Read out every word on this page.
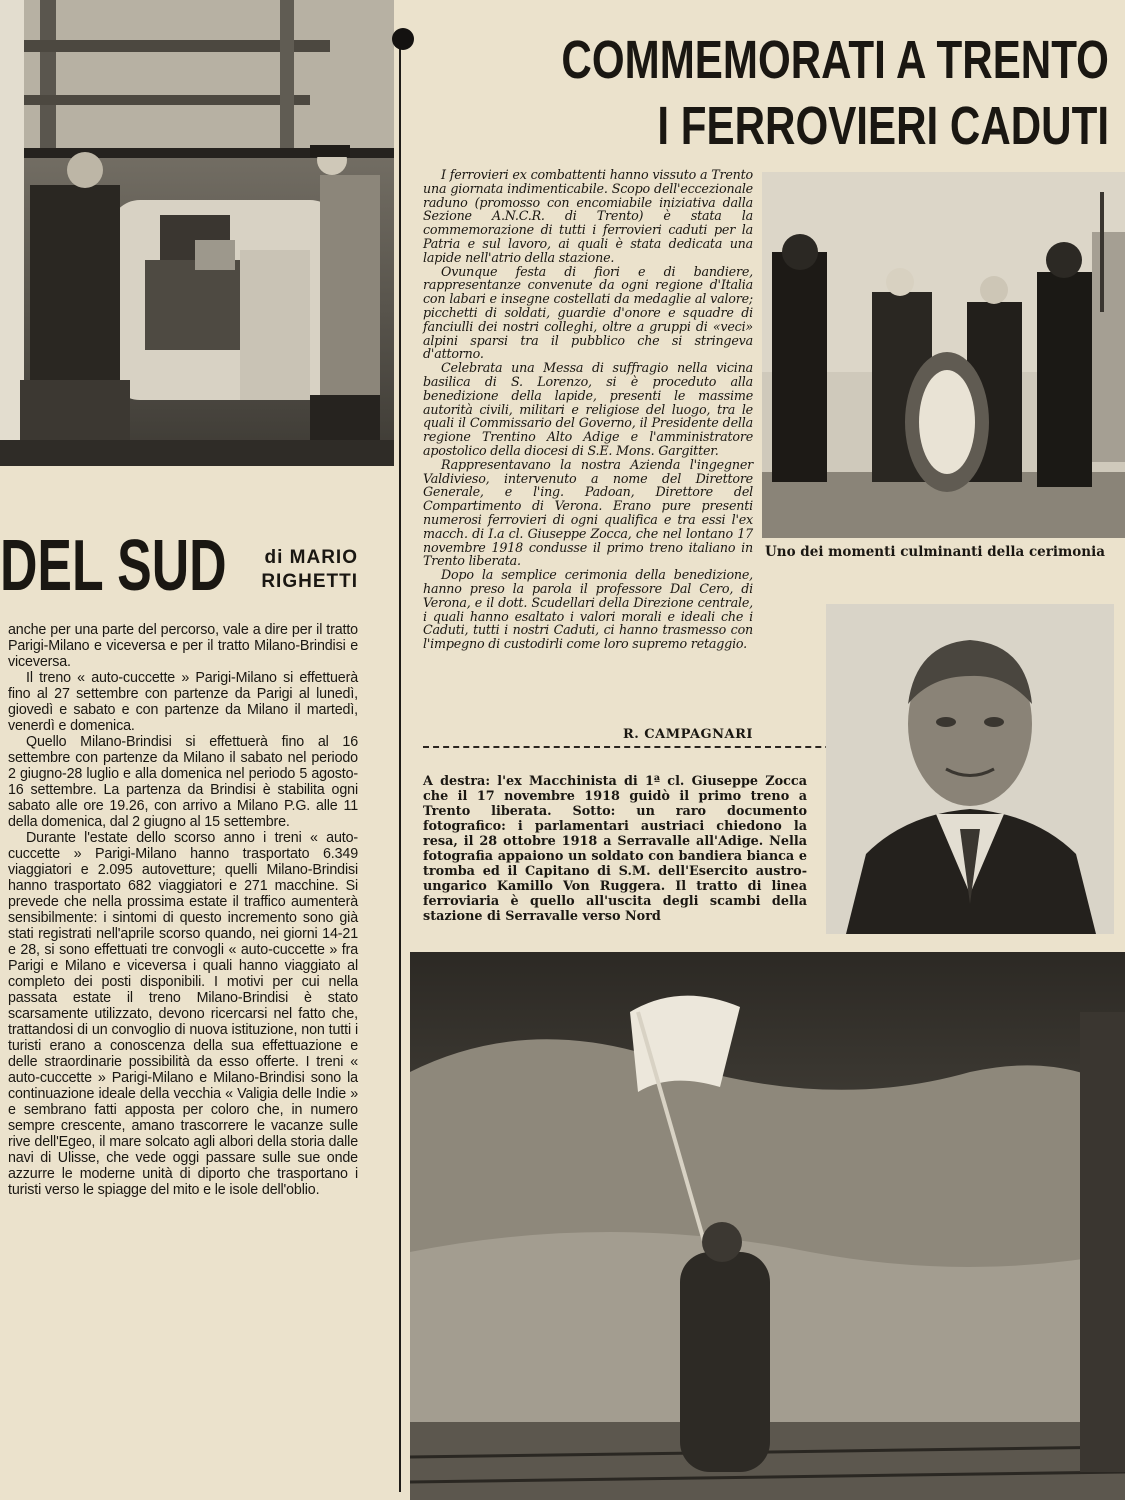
COMMEMORATI A TRENTO
I FERROVIERI CADUTI

I ferrovieri ex combattenti hanno vissuto a Trento una giornata indimenticabile. Scopo dell'eccezionale raduno (promosso con encomiabile iniziativa dalla Sezione A.N.C.R. di Trento) è stata la commemorazione di tutti i ferrovieri caduti per la Patria e sul lavoro, ai quali è stata dedicata una lapide nell'atrio della stazione.

Ovunque festa di fiori e di bandiere, rappresentanze convenute da ogni regione d'Italia con labari e insegne costellati da medaglie al valore; picchetti di soldati, guardie d'onore e squadre di fanciulli dei nostri colleghi, oltre a gruppi di «veci» alpini sparsi tra il pubblico che si stringeva d'attorno.

Celebrata una Messa di suffragio nella vicina basilica di S. Lorenzo, si è proceduto alla benedizione della lapide, presenti le massime autorità civili, militari e religiose del luogo, tra le quali il Commissario del Governo, il Presidente della regione Trentino Alto Adige e l'amministratore apostolico della diocesi di S.E. Mons. Gargitter.

Rappresentavano la nostra Azienda l'ingegner Valdivieso, intervenuto a nome del Direttore Generale, e l'ing. Padoan, Direttore del Compartimento di Verona. Erano pure presenti numerosi ferrovieri di ogni qualifica e tra essi l'ex macch. di I.a cl. Giuseppe Zocca, che nel lontano 17 novembre 1918 condusse il primo treno italiano in Trento liberata.

Dopo la semplice cerimonia della benedizione, hanno preso la parola il professore Dal Cero, di Verona, e il dott. Scudellari della Direzione centrale, i quali hanno esaltato i valori morali e ideali che i Caduti, tutti i nostri Caduti, ci hanno trasmesso con l'impegno di custodirli come loro supremo retaggio.

R. CAMPAGNARI
Uno dei momenti culminanti della cerimonia
A destra: l'ex Macchinista di 1ª cl. Giuseppe Zocca che il 17 novembre 1918 guidò il primo treno a Trento liberata. Sotto: un raro documento fotografico: i parlamentari austriaci chiedono la resa, il 28 ottobre 1918 a Serravalle all'Adige. Nella fotografia appaiono un soldato con bandiera bianca e tromba ed il Capitano di S.M. dell'Esercito austro-ungarico Kamillo Von Ruggera. Il tratto di linea ferroviaria è quello all'uscita degli scambi della stazione di Serravalle verso Nord
DEL SUD	di MARIO
RIGHETTI

anche per una parte del percorso, vale a dire per il tratto Parigi-Milano e viceversa e per il tratto Milano-Brindisi e viceversa.

Il treno « auto-cuccette » Parigi-Milano si effettuerà fino al 27 settembre con partenze da Parigi al lunedì, giovedì e sabato e con partenze da Milano il martedì, venerdì e domenica.

Quello Milano-Brindisi si effettuerà fino al 16 settembre con partenze da Milano il sabato nel periodo 2 giugno-28 luglio e alla domenica nel periodo 5 agosto-16 settembre. La partenza da Brindisi è stabilita ogni sabato alle ore 19.26, con arrivo a Milano P.G. alle 11 della domenica, dal 2 giugno al 15 settembre.

Durante l'estate dello scorso anno i treni « auto-cuccette » Parigi-Milano hanno trasportato 6.349 viaggiatori e 2.095 autovetture; quelli Milano-Brindisi hanno trasportato 682 viaggiatori e 271 macchine. Si prevede che nella prossima estate il traffico aumenterà sensibilmente: i sintomi di questo incremento sono già stati registrati nell'aprile scorso quando, nei giorni 14-21 e 28, si sono effettuati tre convogli « auto-cuccette » fra Parigi e Milano e viceversa i quali hanno viaggiato al completo dei posti disponibili. I motivi per cui nella passata estate il treno Milano-Brindisi è stato scarsamente utilizzato, devono ricercarsi nel fatto che, trattandosi di un convoglio di nuova istituzione, non tutti i turisti erano a conoscenza della sua effettuazione e delle straordinarie possibilità da esso offerte. I treni « auto-cuccette » Parigi-Milano e Milano-Brindisi sono la continuazione ideale della vecchia « Valigia delle Indie » e sembrano fatti apposta per coloro che, in numero sempre crescente, amano trascorrere le vacanze sulle rive dell'Egeo, il mare solcato agli albori della storia dalle navi di Ulisse, che vede oggi passare sulle sue onde azzurre le moderne unità di diporto che trasportano i turisti verso le spiagge del mito e le isole dell'oblio.
